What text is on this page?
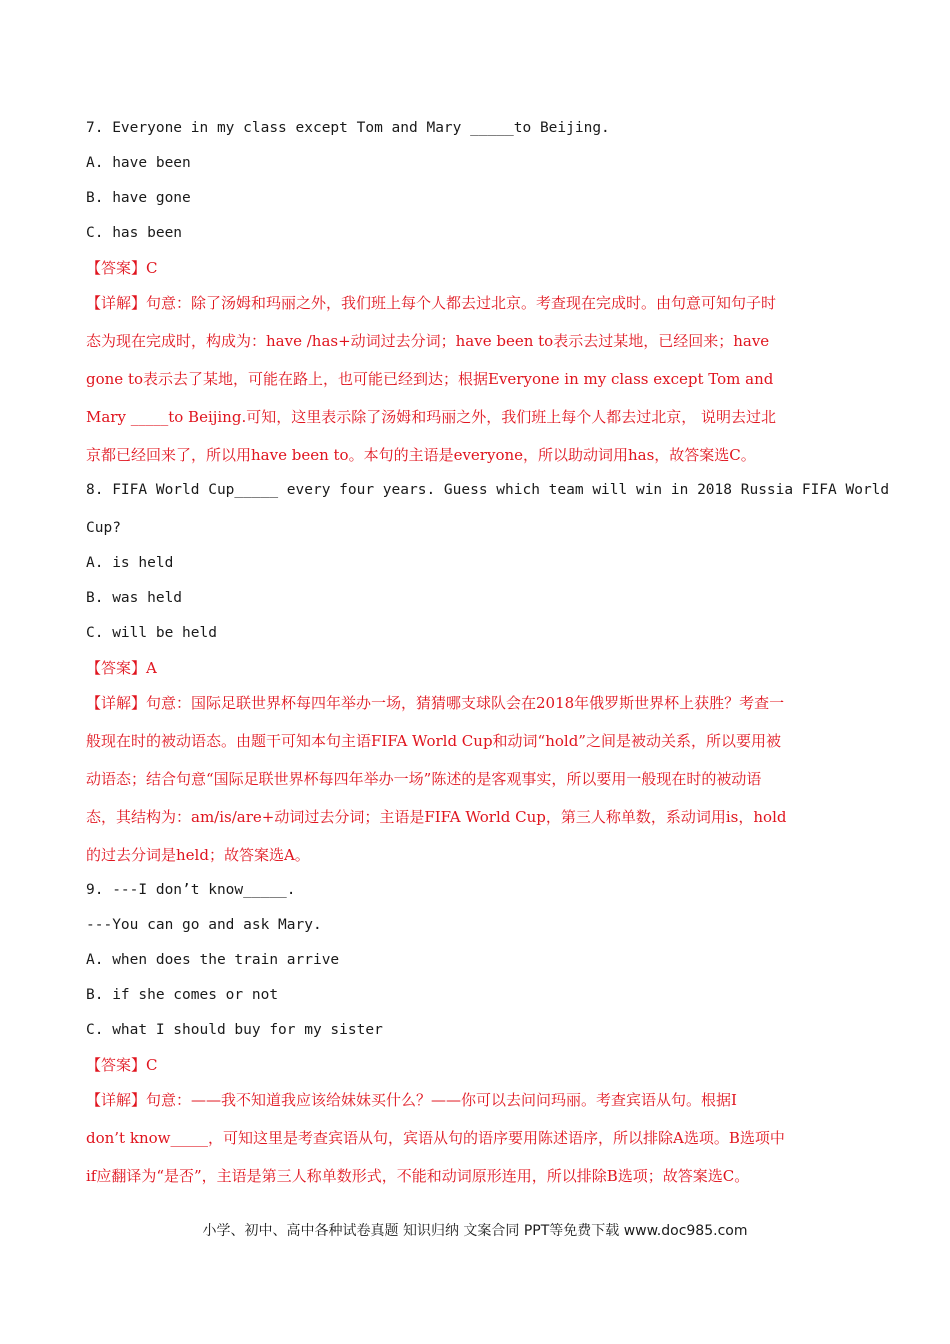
7. Everyone in my class except Tom and Mary _____to Beijing.
A. have been
B. have gone
C. has been
【答案】C
【详解】句意：除了汤姆和玛丽之外，我们班上每个人都去过北京。考查现在完成时。由句意可知句子时
态为现在完成时，构成为：have /has+动词过去分词；have been to表示去过某地，已经回来；have
gone to表示去了某地，可能在路上，也可能已经到达；根据Everyone in my class except Tom and
Mary _____to Beijing.可知，这里表示除了汤姆和玛丽之外，我们班上每个人都去过北京， 说明去过北
京都已经回来了，所以用have been to。本句的主语是everyone，所以助动词用has，故答案选C。
8. FIFA World Cup_____ every four years. Guess which team will win in 2018 Russia FIFA World
Cup?
A. is held
B. was held
C. will be held
【答案】A
【详解】句意：国际足联世界杯每四年举办一场，猜猜哪支球队会在2018年俄罗斯世界杯上获胜？考查一
般现在时的被动语态。由题干可知本句主语FIFA World Cup和动词“hold”之间是被动关系，所以要用被
动语态；结合句意“国际足联世界杯每四年举办一场”陈述的是客观事实，所以要用一般现在时的被动语
态，其结构为：am/is/are+动词过去分词；主语是FIFA World Cup，第三人称单数，系动词用is，hold
的过去分词是held；故答案选A。
9. ---I don’t know_____.
---You can go and ask Mary.
A. when does the train arrive
B. if she comes or not
C. what I should buy for my sister
【答案】C
【详解】句意：——我不知道我应该给妹妹买什么？——你可以去问问玛丽。考查宾语从句。根据I
don’t know_____，可知这里是考查宾语从句，宾语从句的语序要用陈述语序，所以排除A选项。B选项中
if应翻译为“是否”，主语是第三人称单数形式，不能和动词原形连用，所以排除B选项；故答案选C。
小学、初中、高中各种试卷真题 知识归纳 文案合同 PPT等免费下载 www.doc985.com
